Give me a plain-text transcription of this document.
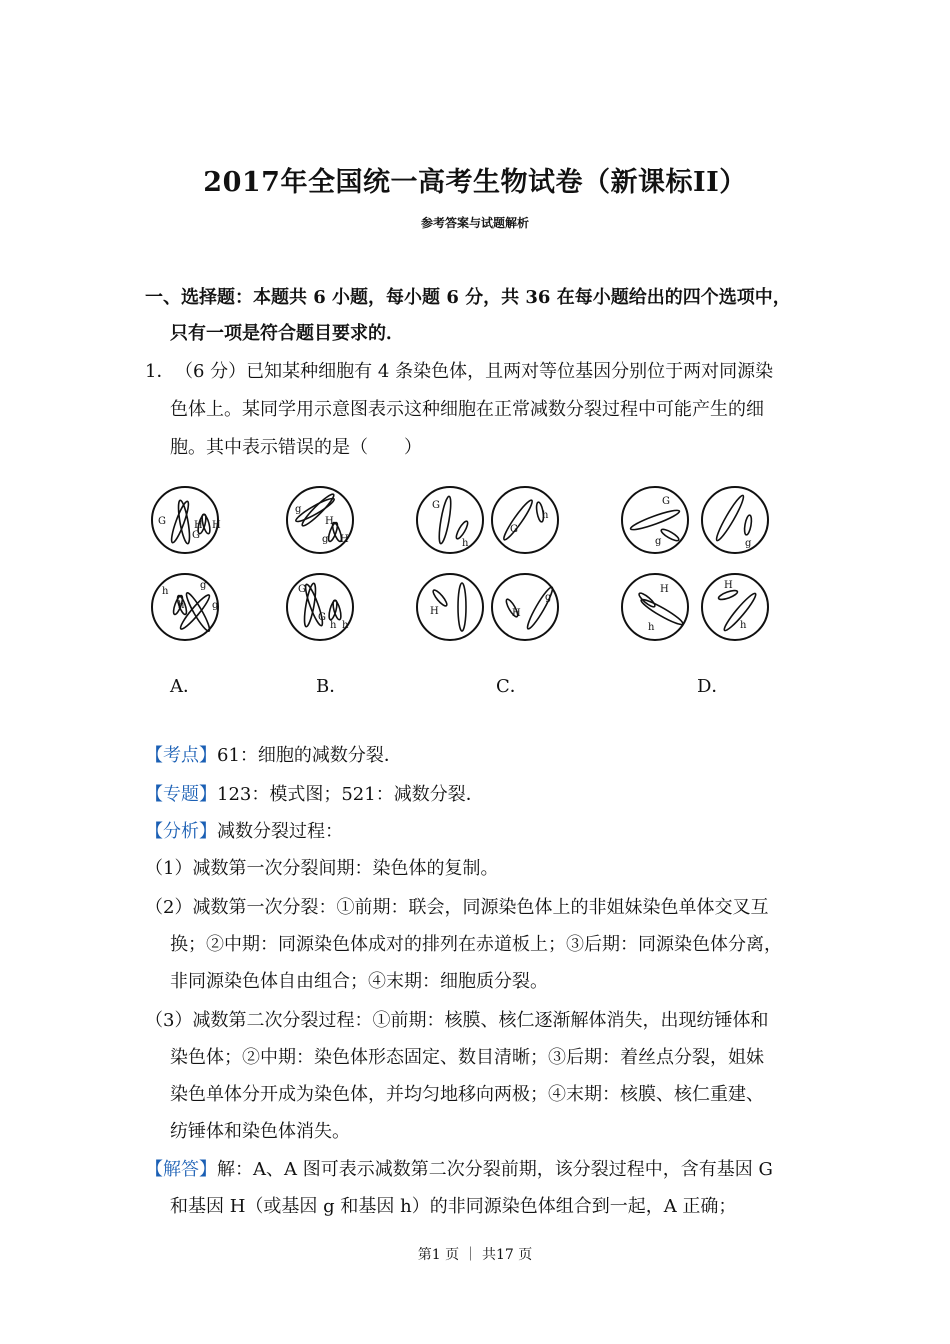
2017年全国统一高考生物试卷（新课标II）
参考答案与试题解析
一、选择题：本题共 6 小题，每小题 6 分，共 36 在每小题给出的四个选项中，
只有一项是符合题目要求的．
1． （6 分）已知某种细胞有 4 条染色体，且两对等位基因分别位于两对同源染
色体上。某同学用示意图表示这种细胞在正常减数分裂过程中可能产生的细
胞。其中表示错误的是（　　）
G
G
H H
h
h
g
g
g
H
g H
G
G
h h
G
h
G
h
H	H
g
G
g	g
H
h
H
h
A．	B．	C．	D．
【考点】61：细胞的减数分裂．
【专题】123：模式图；521：减数分裂．
【分析】减数分裂过程：
（1）减数第一次分裂间期：染色体的复制。
（2）减数第一次分裂：①前期：联会，同源染色体上的非姐妹染色单体交叉互
换；②中期：同源染色体成对的排列在赤道板上；③后期：同源染色体分离，
非同源染色体自由组合；④末期：细胞质分裂。
（3）减数第二次分裂过程：①前期：核膜、核仁逐渐解体消失，出现纺锤体和
染色体；②中期：染色体形态固定、数目清晰；③后期：着丝点分裂，姐妹
染色单体分开成为染色体，并均匀地移向两极；④末期：核膜、核仁重建、
纺锤体和染色体消失。
【解答】解：A、A 图可表示减数第二次分裂前期，该分裂过程中，含有基因 G
和基因 H（或基因 g 和基因 h）的非同源染色体组合到一起，A 正确；
第1 页 ｜ 共17 页
